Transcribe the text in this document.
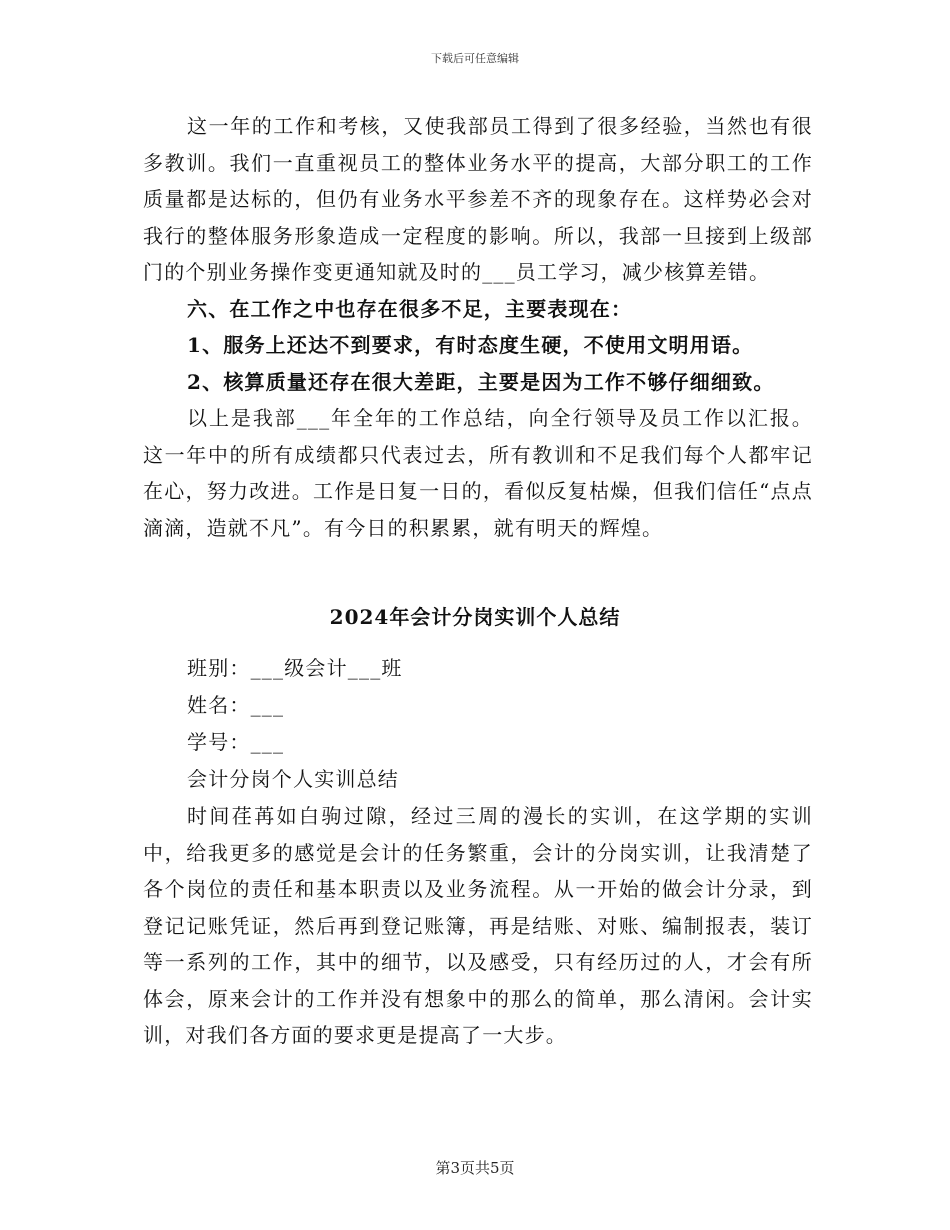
下载后可任意编辑

这一年的工作和考核，又使我部员工得到了很多经验，当然也有很多教训。我们一直重视员工的整体业务水平的提高，大部分职工的工作质量都是达标的，但仍有业务水平参差不齐的现象存在。这样势必会对我行的整体服务形象造成一定程度的影响。所以，我部一旦接到上级部门的个别业务操作变更通知就及时的___员工学习，减少核算差错。

六、在工作之中也存在很多不足，主要表现在：

1、服务上还达不到要求，有时态度生硬，不使用文明用语。

2、核算质量还存在很大差距，主要是因为工作不够仔细细致。

以上是我部___年全年的工作总结，向全行领导及员工作以汇报。这一年中的所有成绩都只代表过去，所有教训和不足我们每个人都牢记在心，努力改进。工作是日复一日的，看似反复枯燥，但我们信任“点点滴滴，造就不凡”。有今日的积累累，就有明天的辉煌。

2024年会计分岗实训个人总结

班别：___级会计___班

姓名：___

学号：___

会计分岗个人实训总结

时间荏苒如白驹过隙，经过三周的漫长的实训，在这学期的实训中，给我更多的感觉是会计的任务繁重，会计的分岗实训，让我清楚了各个岗位的责任和基本职责以及业务流程。从一开始的做会计分录，到登记记账凭证，然后再到登记账簿，再是结账、对账、编制报表，装订等一系列的工作，其中的细节，以及感受，只有经历过的人，才会有所体会，原来会计的工作并没有想象中的那么的简单，那么清闲。会计实训，对我们各方面的要求更是提高了一大步。

第3页共5页
